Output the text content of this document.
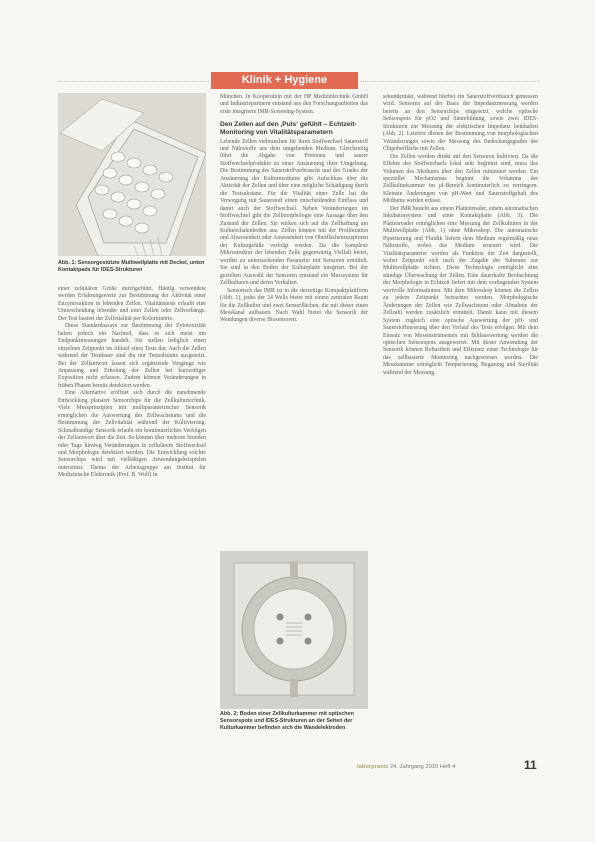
Klinik + Hygiene
Abb. 1: Sensorgestützte Multiwellplatte mit Deckel, unten Kontaktpads für IDES-Strukturen

einer zellulären Größe durchgeführt. Häufig verwendete werden Erfahrungswerte zur Bestimmung der Aktivität einer Enzymreaktion in lebenden Zellen. Vitalitätstests erlaubt eine Unterscheidung lebender und toter Zellen oder Zellverbänge. Der Test basiert der Zellvitalität per Kolorimetrie.

Diese Standardassays zur Bestimmung der Zytotoxizität haben jedoch ein Nachteil, dass es sich meist um Endpunktmessungen handelt. Sie stellen lediglich einen einzelnen Zeitpunkt im Ablauf eines Tests dar. Auch die Zellen während der Testdauer sind die nur Testsubstanz ausgesetzt. Bei der Zellantwort lassen sich ergänzende Vorgänge wie Anpassung und Erholung der Zellen bei kurzzeitiger Exposition nicht erfassen. Zudem können Veränderungen in frühen Phasen bereits detektiert werden.

Eine Alternative eröffnet sich durch die zunehmende Entwicklung planarer Sensorchips für die Zellkulturtechnik. Viele Messprinzipien mit multiparametrischer Sensorik ermöglichen die Auswertung des Zellwachstums und die Bestimmung der Zellvitalität während der Kultivierung. Schmalbandige Sensorik erlaubt ein kontinuierliches Verfolgen der Zellantwort über die Zeit. So können über mehrere Stunden oder Tage hinweg Veränderungen in zellulärem Stoffwechsel und Morphologie detektiert werden. Die Entwicklung solcher Sensorchips wird mit vielfältigen Anwendungsbeispielen unterstützt. Thema der Arbeitsgruppe am Institut für Medizinische Elektronik (Prof. B. Wolf) in

München. In Kooperation mit der HP Medizintechnik GmbH und Industriepartnern entstand aus den Forschungsarbeiten das erste integrierte IMR-Screening-System.

Den Zellen auf den ‚Puls‘ gefühlt – Echtzeit-Monitoring von Vitalitätsparametern

Lebende Zellen verbrauchen für ihren Stoffwechsel Sauerstoff und Nährstoffe aus dem umgebenden Medium. Gleichzeitig führt die Abgabe von Protonen und saurer Stoffwechselprodukte zu einer Ansäuerung ihrer Umgebung. Die Bestimmung des Sauerstoffverbrauchs und des Grades der Ansäuerung der Kulturmediums gibt Aufschluss über die Aktivität der Zellen und über eine mögliche Schädigung durch die Testsubstanz. Für die Vitalität einer Zelle hat die Versorgung mit Sauerstoff einen entscheidenden Einfluss und damit auch der Stoffwechsel. Neben Veränderungen im Stoffwechsel gibt die Zellmorphologie eine Aussage über den Zustand der Zellen. Sie wirken sich auf die Zellhaftung am Kulturschalenboden aus. Zellen können mit der Proliferation und Abwesenheit oder Anwesenheit von Oberflächenrezeptoren der Kulturgefäße verfolgt werden. Da die komplexe Mikrostruktur der lebenden Zelle gegenwärtig Vielfalt bietet, werden zu untersuchenden Parameter mit Sensoren ermittelt. Sie sind in den Boden der Kulturplatte integriert. Bei der gezielten Auswahl der Sensoren entstand ein Messsystem für Zellkulturen und deren Verhalten.

Sensorisch das IMR ist in die derzeitige Kompaktplattform (Abb. 1), jedes der 24 Wells bietet mit einem zentralen Raum für die Zellkultur und zwei Sensorflächen, die mit dieser einen Messkanal aufbauen. Nach Wahl bietet die Sensorik der Wandungen diverse Biosensoren.

Abb. 2: Boden einer Zellkulturkammer mit optischen Sensorspots und IDES-Strukturen an der Seiten der Kulturkammer befinden sich die Wandelektroden

sekundentakt, während hierbei ein Sauerstoffverbrauch gemessen wird. Sensoren auf der Basis der Impedanzmessung werden bereits an den Sensorchips eingesetzt, welche optische Sensorspots für pO2 und Säurebildung, sowie zwei IDES-Strukturen zur Messung der elektrischen Impedanz beinhalten (Abb. 2). Letztere dienen der Bestimmung von morphologischen Veränderungen sowie der Messung des Bedeckungsgrades der Chipoberfläche mit Zellen.

Die Zellen werden direkt auf den Sensoren kultiviert. Da die Effekte des Stoffwechsels lokal sehr begrenzt sind, muss das Volumen des Mediums über den Zellen minimiert werden. Ein spezieller Mechanismus beginnt die Volumina der Zellkulturkammer im µl-Bereich kontinuierlich zu verringern. Kleinste Änderungen von pH-Wert und Sauerstoffgehalt des Mediums werden erfasst.

Der IMR besteht aus einem Plattenreader, einem automatischen Inkubatorsystem und einer Kontaktplatte (Abb. 3). Die Plattenreader ermöglichen eine Messung der Zellkulturen in der Multiwellplatte (Abb. 1) ohne Mikroskop. Die automatische Pipettierung und Fluidik liefern dem Medium regelmäßig neue Nährstoffe, wobei das Medium erneuert wird. Die Vitalitätsparameter werden als Funktion der Zeit dargestellt, wobei Zeitpunkt sich nach der Zugabe der Substanz zur Multiwellplatte richten. Diese Technologie ermöglicht eine ständige Überwachung der Zellen. Eine dauerhafte Beobachtung der Morphologie in Echtzeit liefert mit dem vorliegenden System wertvolle Informationen. Mit dem Mikroskop können die Zellen zu jedem Zeitpunkt betrachtet werden. Morphologische Änderungen der Zellen wie Zellwachstum oder Abnahme der Zellzahl werden zusätzlich ermittelt. Damit kann mit diesem System zugleich eine optische Auswertung der pH- und Sauerstoffmessung über den Verlauf des Tests erfolgen. Mit dem Einsatz von Messinstrumenten mit Bildauswertung werden die optischen Sensorspots ausgewertet. Mit dieser Anwendung der Sensorik können Robustheit und Effizienz einer Technologie für das zellbasierte Monitoring nachgewiesen werden. Die Messkammer ermöglicht Temperierung, Begasung und Sterilität während der Messung.

laborpraxis 24. Jahrgang 2010 Heft 4	11
